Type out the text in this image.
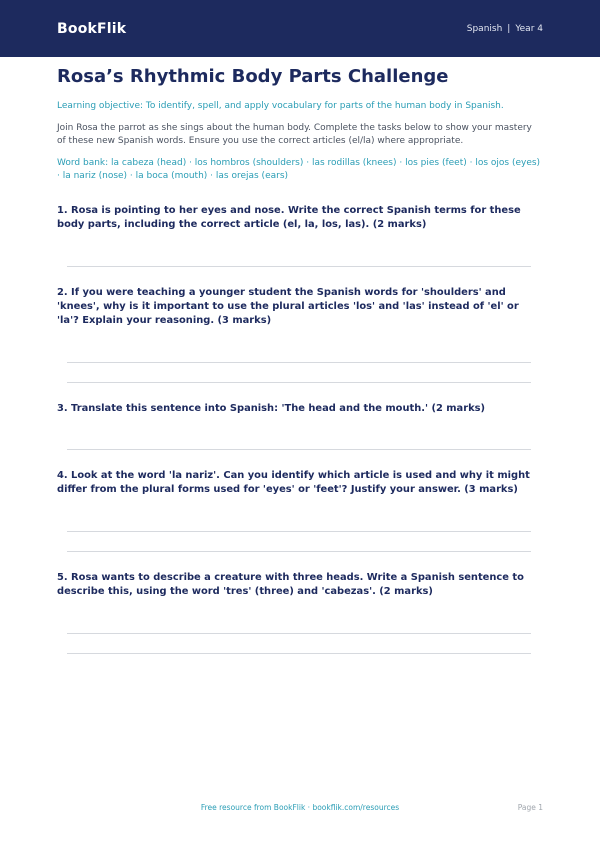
BookFlik	Spanish | Year 4
Rosa’s Rhythmic Body Parts Challenge
Learning objective: To identify, spell, and apply vocabulary for parts of the human body in Spanish.
Join Rosa the parrot as she sings about the human body. Complete the tasks below to show your mastery of these new Spanish words. Ensure you use the correct articles (el/la) where appropriate.
Word bank: la cabeza (head) · los hombros (shoulders) · las rodillas (knees) · los pies (feet) · los ojos (eyes) · la nariz (nose) · la boca (mouth) · las orejas (ears)
1. Rosa is pointing to her eyes and nose. Write the correct Spanish terms for these body parts, including the correct article (el, la, los, las). (2 marks)
2. If you were teaching a younger student the Spanish words for 'shoulders' and 'knees', why is it important to use the plural articles 'los' and 'las' instead of 'el' or 'la'? Explain your reasoning. (3 marks)
3. Translate this sentence into Spanish: 'The head and the mouth.' (2 marks)
4. Look at the word 'la nariz'. Can you identify which article is used and why it might differ from the plural forms used for 'eyes' or 'feet'? Justify your answer. (3 marks)
5. Rosa wants to describe a creature with three heads. Write a Spanish sentence to describe this, using the word 'tres' (three) and 'cabezas'. (2 marks)
Free resource from BookFlik · bookflik.com/resources	Page 1
